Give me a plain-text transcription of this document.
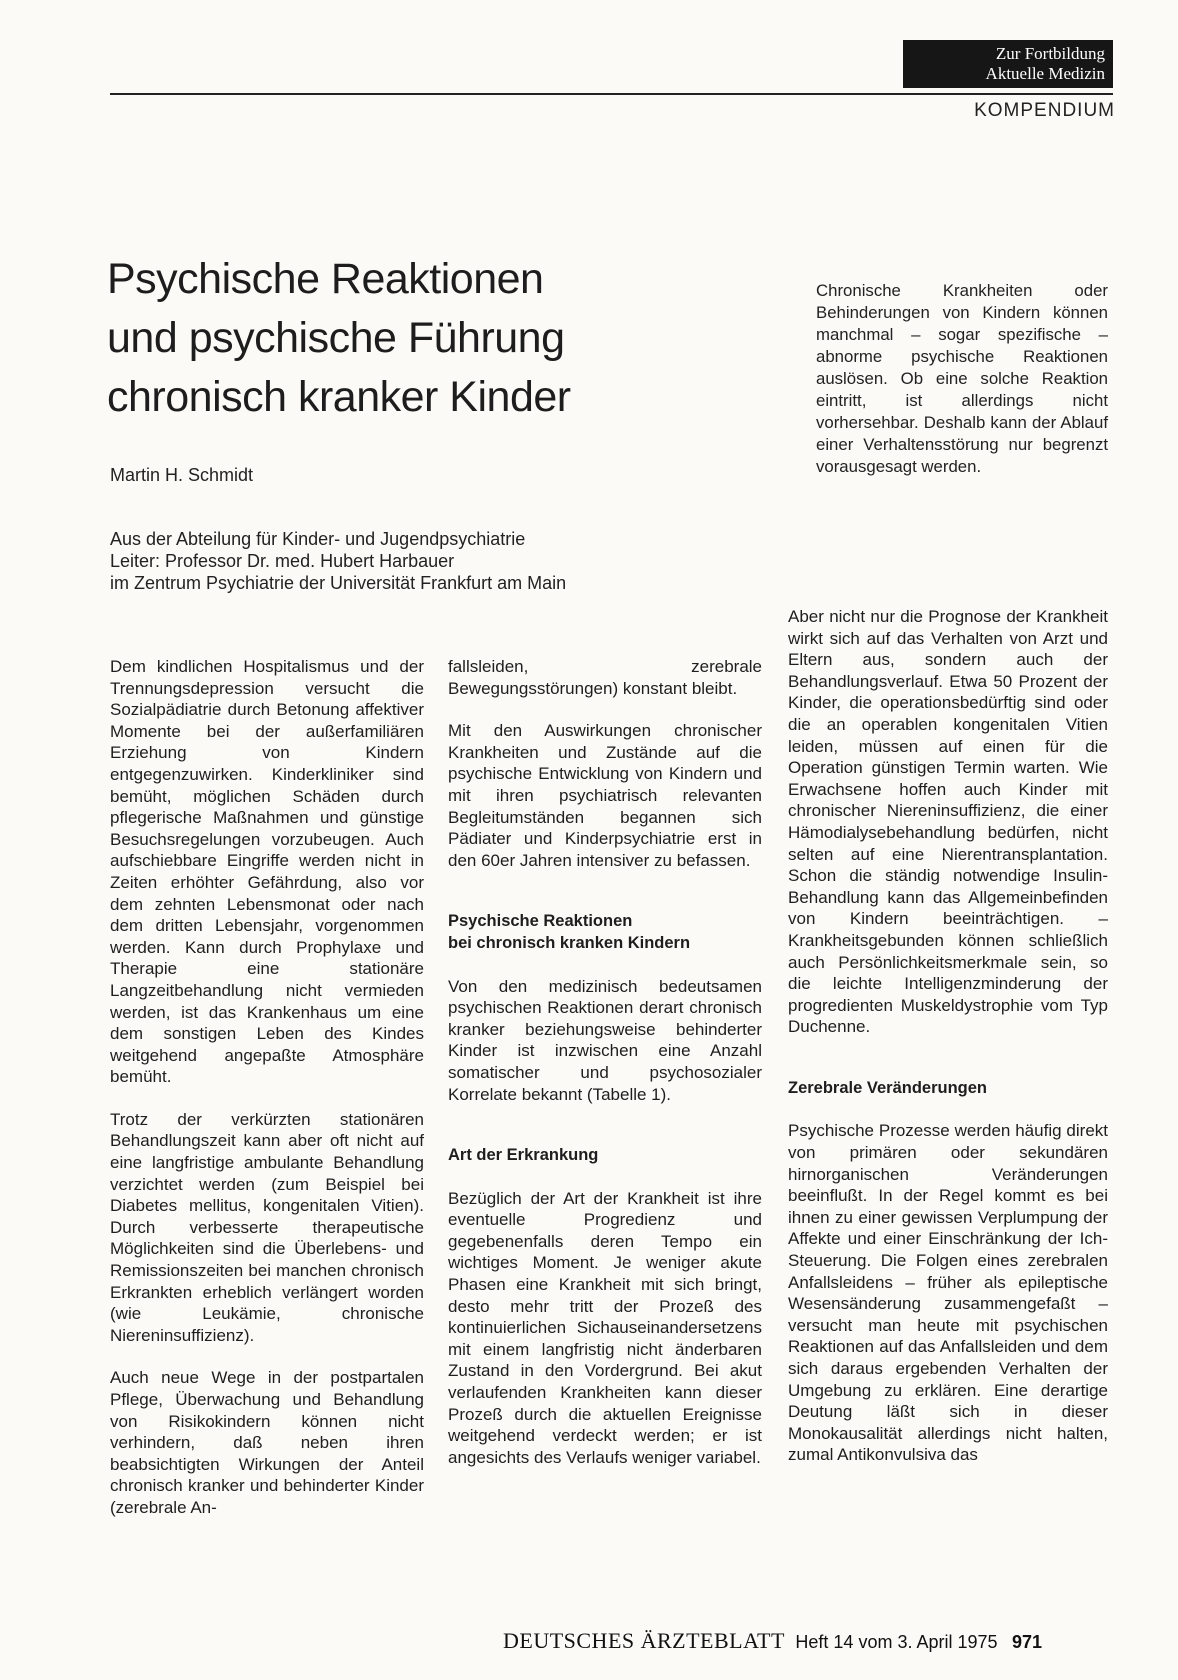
Zur Fortbildung
Aktuelle Medizin
KOMPENDIUM
Psychische Reaktionen
und psychische Führung
chronisch kranker Kinder
Martin H. Schmidt
Aus der Abteilung für Kinder- und Jugendpsychiatrie
Leiter: Professor Dr. med. Hubert Harbauer
im Zentrum Psychiatrie der Universität Frankfurt am Main

Chronische Krankheiten oder Behinderungen von Kindern können manchmal – sogar spezifische – abnorme psychische Reaktionen auslösen. Ob eine solche Reaktion eintritt, ist allerdings nicht vorhersehbar. Deshalb kann der Ablauf einer Verhaltensstörung nur begrenzt vorausgesagt werden.

Dem kindlichen Hospitalismus und der Trennungsdepression versucht die Sozialpädiatrie durch Betonung affektiver Momente bei der außerfamiliären Erziehung von Kindern entgegenzuwirken. Kinderkliniker sind bemüht, möglichen Schäden durch pflegerische Maßnahmen und günstige Besuchsregelungen vorzubeugen. Auch aufschiebbare Eingriffe werden nicht in Zeiten erhöhter Gefährdung, also vor dem zehnten Lebensmonat oder nach dem dritten Lebensjahr, vorgenommen werden. Kann durch Prophylaxe und Therapie eine stationäre Langzeitbehandlung nicht vermieden werden, ist das Krankenhaus um eine dem sonstigen Leben des Kindes weitgehend angepaßte Atmosphäre bemüht.

Trotz der verkürzten stationären Behandlungszeit kann aber oft nicht auf eine langfristige ambulante Behandlung verzichtet werden (zum Beispiel bei Diabetes mellitus, kongenitalen Vitien). Durch verbesserte therapeutische Möglichkeiten sind die Überlebens- und Remissionszeiten bei manchen chronisch Erkrankten erheblich verlängert worden (wie Leukämie, chronische Niereninsuffizienz).

Auch neue Wege in der postpartalen Pflege, Überwachung und Behandlung von Risikokindern können nicht verhindern, daß neben ihren beabsichtigten Wirkungen der Anteil chronisch kranker und behinderter Kinder (zerebrale An-

fallsleiden, zerebrale Bewegungsstörungen) konstant bleibt.

Mit den Auswirkungen chronischer Krankheiten und Zustände auf die psychische Entwicklung von Kindern und mit ihren psychiatrisch relevanten Begleitumständen begannen sich Pädiater und Kinderpsychiatrie erst in den 60er Jahren intensiver zu befassen.

Psychische Reaktionen
bei chronisch kranken Kindern

Von den medizinisch bedeutsamen psychischen Reaktionen derart chronisch kranker beziehungsweise behinderter Kinder ist inzwischen eine Anzahl somatischer und psychosozialer Korrelate bekannt (Tabelle 1).

Art der Erkrankung

Bezüglich der Art der Krankheit ist ihre eventuelle Progredienz und gegebenenfalls deren Tempo ein wichtiges Moment. Je weniger akute Phasen eine Krankheit mit sich bringt, desto mehr tritt der Prozeß des kontinuierlichen Sichauseinandersetzens mit einem langfristig nicht änderbaren Zustand in den Vordergrund. Bei akut verlaufenden Krankheiten kann dieser Prozeß durch die aktuellen Ereignisse weitgehend verdeckt werden; er ist angesichts des Verlaufs weniger variabel.

Aber nicht nur die Prognose der Krankheit wirkt sich auf das Verhalten von Arzt und Eltern aus, sondern auch der Behandlungsverlauf. Etwa 50 Prozent der Kinder, die operationsbedürftig sind oder die an operablen kongenitalen Vitien leiden, müssen auf einen für die Operation günstigen Termin warten. Wie Erwachsene hoffen auch Kinder mit chronischer Niereninsuffizienz, die einer Hämodialysebehandlung bedürfen, nicht selten auf eine Nierentransplantation. Schon die ständig notwendige Insulin-Behandlung kann das Allgemeinbefinden von Kindern beeinträchtigen. – Krankheitsgebunden können schließlich auch Persönlichkeitsmerkmale sein, so die leichte Intelligenzminderung der progredienten Muskeldystrophie vom Typ Duchenne.

Zerebrale Veränderungen

Psychische Prozesse werden häufig direkt von primären oder sekundären hirnorganischen Veränderungen beeinflußt. In der Regel kommt es bei ihnen zu einer gewissen Verplumpung der Affekte und einer Einschränkung der Ich-Steuerung. Die Folgen eines zerebralen Anfallsleidens – früher als epileptische Wesensänderung zusammengefaßt – versucht man heute mit psychischen Reaktionen auf das Anfallsleiden und dem sich daraus ergebenden Verhalten der Umgebung zu erklären. Eine derartige Deutung läßt sich in dieser Monokausalität allerdings nicht halten, zumal Antikonvulsiva das

DEUTSCHES ÄRZTEBLATT Heft 14 vom 3. April 1975 971
